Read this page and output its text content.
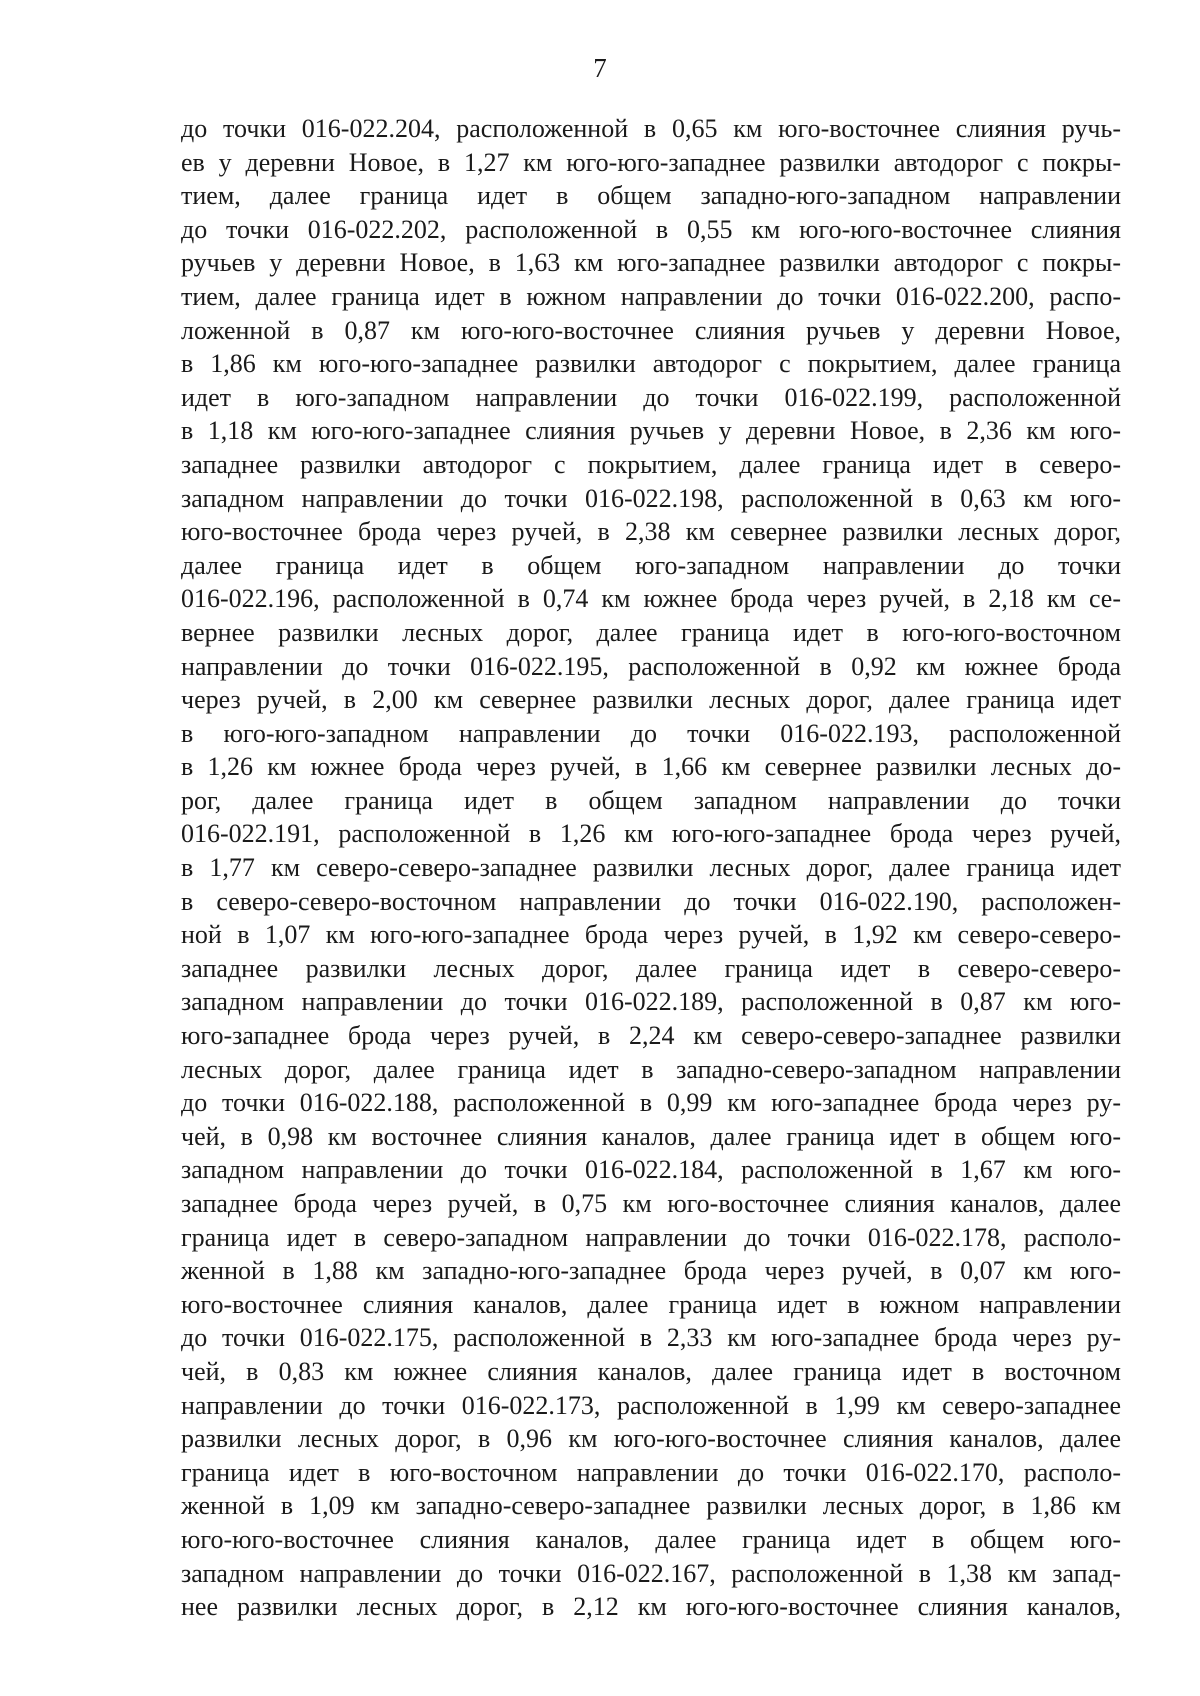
7
до точки 016-022.204, расположенной в 0,65 км юго-восточнее слияния ручь-
ев у деревни Новое, в 1,27 км юго-юго-западнее развилки автодорог с покры-
тием, далее граница идет в общем западно-юго-западном направлении
до точки 016-022.202, расположенной в 0,55 км юго-юго-восточнее слияния
ручьев у деревни Новое, в 1,63 км юго-западнее развилки автодорог с покры-
тием, далее граница идет в южном направлении до точки 016-022.200, распо-
ложенной в 0,87 км юго-юго-восточнее слияния ручьев у деревни Новое,
в 1,86 км юго-юго-западнее развилки автодорог с покрытием, далее граница
идет в юго-западном направлении до точки 016-022.199, расположенной
в 1,18 км юго-юго-западнее слияния ручьев у деревни Новое, в 2,36 км юго-
западнее развилки автодорог с покрытием, далее граница идет в северо-
западном направлении до точки 016-022.198, расположенной в 0,63 км юго-
юго-восточнее брода через ручей, в 2,38 км севернее развилки лесных дорог,
далее граница идет в общем юго-западном направлении до точки
016-022.196, расположенной в 0,74 км южнее брода через ручей, в 2,18 км се-
вернее развилки лесных дорог, далее граница идет в юго-юго-восточном
направлении до точки 016-022.195, расположенной в 0,92 км южнее брода
через ручей, в 2,00 км севернее развилки лесных дорог, далее граница идет
в юго-юго-западном направлении до точки 016-022.193, расположенной
в 1,26 км южнее брода через ручей, в 1,66 км севернее развилки лесных до-
рог, далее граница идет в общем западном направлении до точки
016-022.191, расположенной в 1,26 км юго-юго-западнее брода через ручей,
в 1,77 км северо-северо-западнее развилки лесных дорог, далее граница идет
в северо-северо-восточном направлении до точки 016-022.190, расположен-
ной в 1,07 км юго-юго-западнее брода через ручей, в 1,92 км северо-северо-
западнее развилки лесных дорог, далее граница идет в северо-северо-
западном направлении до точки 016-022.189, расположенной в 0,87 км юго-
юго-западнее брода через ручей, в 2,24 км северо-северо-западнее развилки
лесных дорог, далее граница идет в западно-северо-западном направлении
до точки 016-022.188, расположенной в 0,99 км юго-западнее брода через ру-
чей, в 0,98 км восточнее слияния каналов, далее граница идет в общем юго-
западном направлении до точки 016-022.184, расположенной в 1,67 км юго-
западнее брода через ручей, в 0,75 км юго-восточнее слияния каналов, далее
граница идет в северо-западном направлении до точки 016-022.178, располо-
женной в 1,88 км западно-юго-западнее брода через ручей, в 0,07 км юго-
юго-восточнее слияния каналов, далее граница идет в южном направлении
до точки 016-022.175, расположенной в 2,33 км юго-западнее брода через ру-
чей, в 0,83 км южнее слияния каналов, далее граница идет в восточном
направлении до точки 016-022.173, расположенной в 1,99 км северо-западнее
развилки лесных дорог, в 0,96 км юго-юго-восточнее слияния каналов, далее
граница идет в юго-восточном направлении до точки 016-022.170, располо-
женной в 1,09 км западно-северо-западнее развилки лесных дорог, в 1,86 км
юго-юго-восточнее слияния каналов, далее граница идет в общем юго-
западном направлении до точки 016-022.167, расположенной в 1,38 км запад-
нее развилки лесных дорог, в 2,12 км юго-юго-восточнее слияния каналов,
